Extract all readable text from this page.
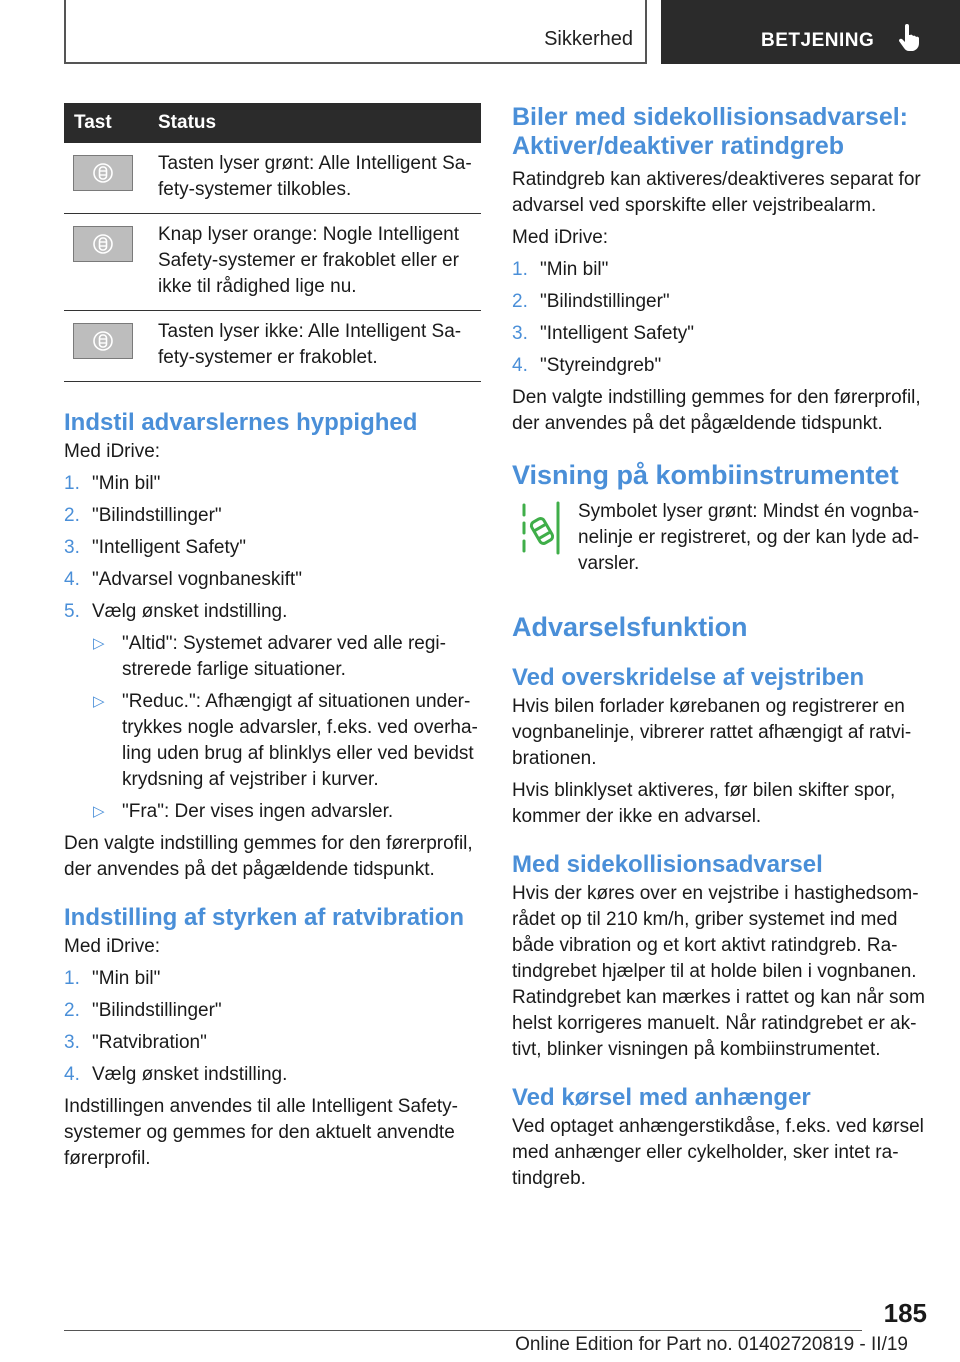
Sikkerhed	BETJENING
Tast	Status

	Tasten lyser grønt: Alle Intelligent Sa‐ fety-systemer tilkobles.

	Knap lyser orange: Nogle Intelligent Safety-systemer er frakoblet eller er ikke til rådighed lige nu.

	Tasten lyser ikke: Alle Intelligent Sa‐ fety-systemer er frakoblet.
Indstil advarslernes hyppighed

Med iDrive:

1. "Min bil"
2. "Bilindstillinger"
3. "Intelligent Safety"
4. "Advarsel vognbaneskift"
5. Vælg ønsket indstilling.
▷ "Altid": Systemet advarer ved alle regi‐ strerede farlige situationer.
▷ "Reduc.": Afhængigt af situationen under‐ trykkes nogle advarsler, f.eks. ved overha‐ ling uden brug af blinklys eller ved bevidst krydsning af vejstriber i kurver.
▷ "Fra": Der vises ingen advarsler.

Den valgte indstilling gemmes for den førerprofil, der anvendes på det pågældende tidspunkt.

Indstilling af styrken af ratvibration

Med iDrive:

1. "Min bil"
2. "Bilindstillinger"
3. "Ratvibration"
4. Vælg ønsket indstilling.

Indstillingen anvendes til alle Intelligent Safety- systemer og gemmes for den aktuelt anvendte førerprofil.

Biler med sidekollisionsadvarsel: Aktiver/deaktiver ratindgreb

Ratindgreb kan aktiveres/deaktiveres separat for advarsel ved sporskifte eller vejstribealarm.

Med iDrive:

1. "Min bil"
2. "Bilindstillinger"
3. "Intelligent Safety"
4. "Styreindgreb"

Den valgte indstilling gemmes for den førerprofil, der anvendes på det pågældende tidspunkt.

Visning på kombiinstrumentet

Symbolet lyser grønt: Mindst én vognba‐ nelinje er registreret, og der kan lyde ad‐ varsler.

Advarselsfunktion
Ved overskridelse af vejstriben

Hvis bilen forlader kørebanen og registrerer en vognbanelinje, vibrerer rattet afhængigt af ratvi‐ brationen.

Hvis blinklyset aktiveres, før bilen skifter spor, kommer der ikke en advarsel.

Med sidekollisionsadvarsel

Hvis der køres over en vejstribe i hastighedsom‐ rådet op til 210 km/h, griber systemet ind med både vibration og et kort aktivt ratindgreb. Ra‐ tindgrebet hjælper til at holde bilen i vognbanen. Ratindgrebet kan mærkes i rattet og kan når som helst korrigeres manuelt. Når ratindgrebet er ak‐ tivt, blinker visningen på kombiinstrumentet.

Ved kørsel med anhænger

Ved optaget anhængerstikdåse, f.eks. ved kørsel med anhænger eller cykelholder, sker intet ra‐ tindgreb.

185
Online Edition for Part no. 01402720819 - II/19
